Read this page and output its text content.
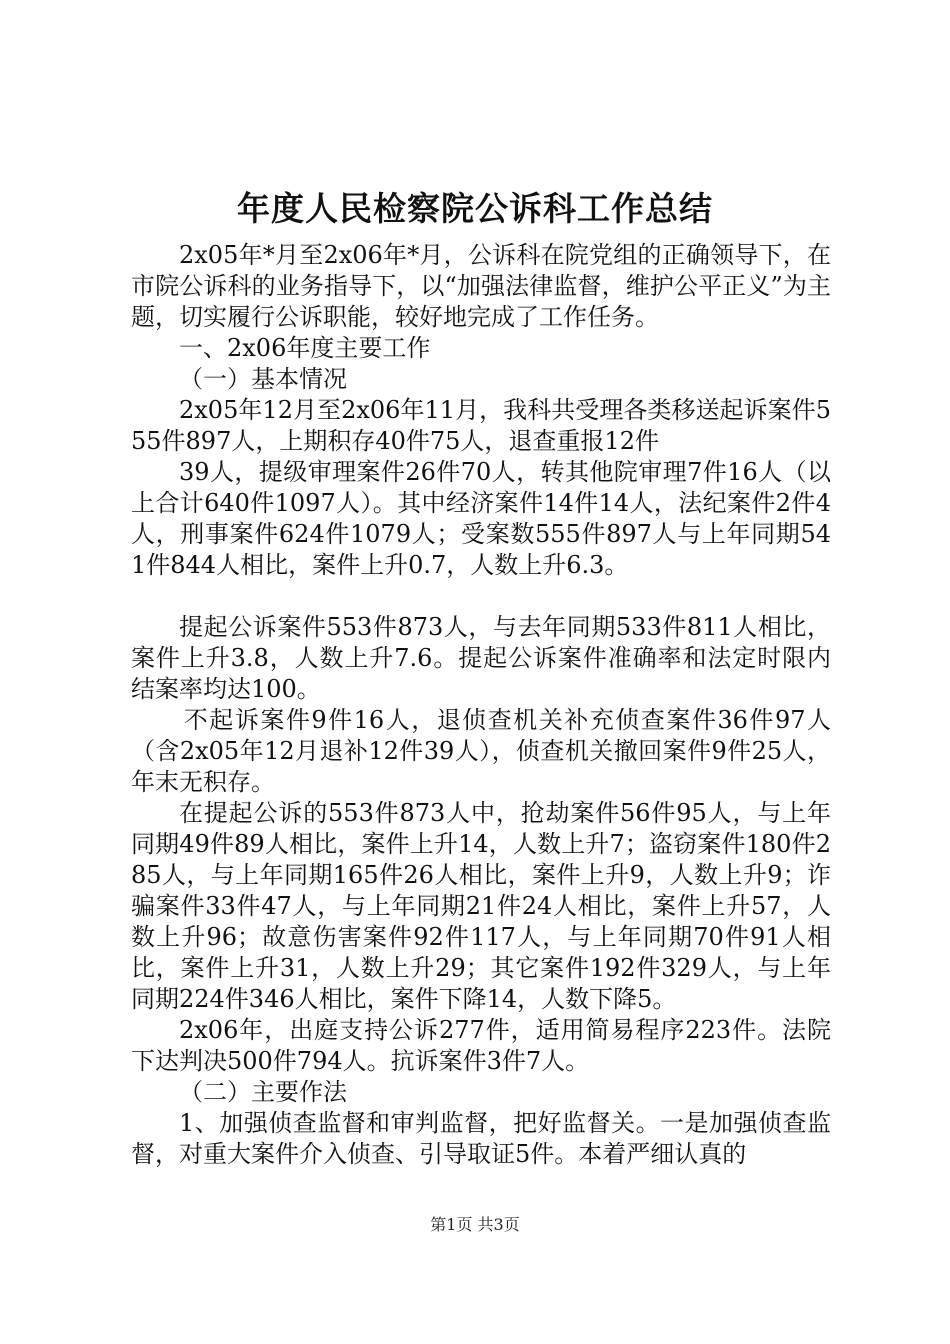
年度人民检察院公诉科工作总结

2x05年*月至2x06年*月，公诉科在院党组的正确领导下，在市院公诉科的业务指导下，以“加强法律监督，维护公平正义”为主题，切实履行公诉职能，较好地完成了工作任务。

一、2x06年度主要工作

（一）基本情况

2x05年12月至2x06年11月，我科共受理各类移送起诉案件555件897人，上期积存40件75人，退查重报12件

39人，提级审理案件26件70人，转其他院审理7件16人（以上合计640件1097人）。其中经济案件14件14人，法纪案件2件4人，刑事案件624件1079人；受案数555件897人与上年同期541件844人相比，案件上升0.7，人数上升6.3。

提起公诉案件553件873人，与去年同期533件811人相比，案件上升3.8，人数上升7.6。提起公诉案件准确率和法定时限内结案率均达100。

不起诉案件9件16人，退侦查机关补充侦查案件36件97人（含2x05年12月退补12件39人），侦查机关撤回案件9件25人，年末无积存。

在提起公诉的553件873人中，抢劫案件56件95人，与上年同期49件89人相比，案件上升14，人数上升7；盗窃案件180件285人，与上年同期165件26人相比，案件上升9，人数上升9；诈骗案件33件47人，与上年同期21件24人相比，案件上升57，人数上升96；故意伤害案件92件117人，与上年同期70件91人相比，案件上升31，人数上升29；其它案件192件329人，与上年同期224件346人相比，案件下降14，人数下降5。

2x06年，出庭支持公诉277件，适用简易程序223件。法院下达判决500件794人。抗诉案件3件7人。

（二）主要作法

1、加强侦查监督和审判监督，把好监督关。一是加强侦查监督，对重大案件介入侦查、引导取证5件。本着严细认真的

第1页 共3页
